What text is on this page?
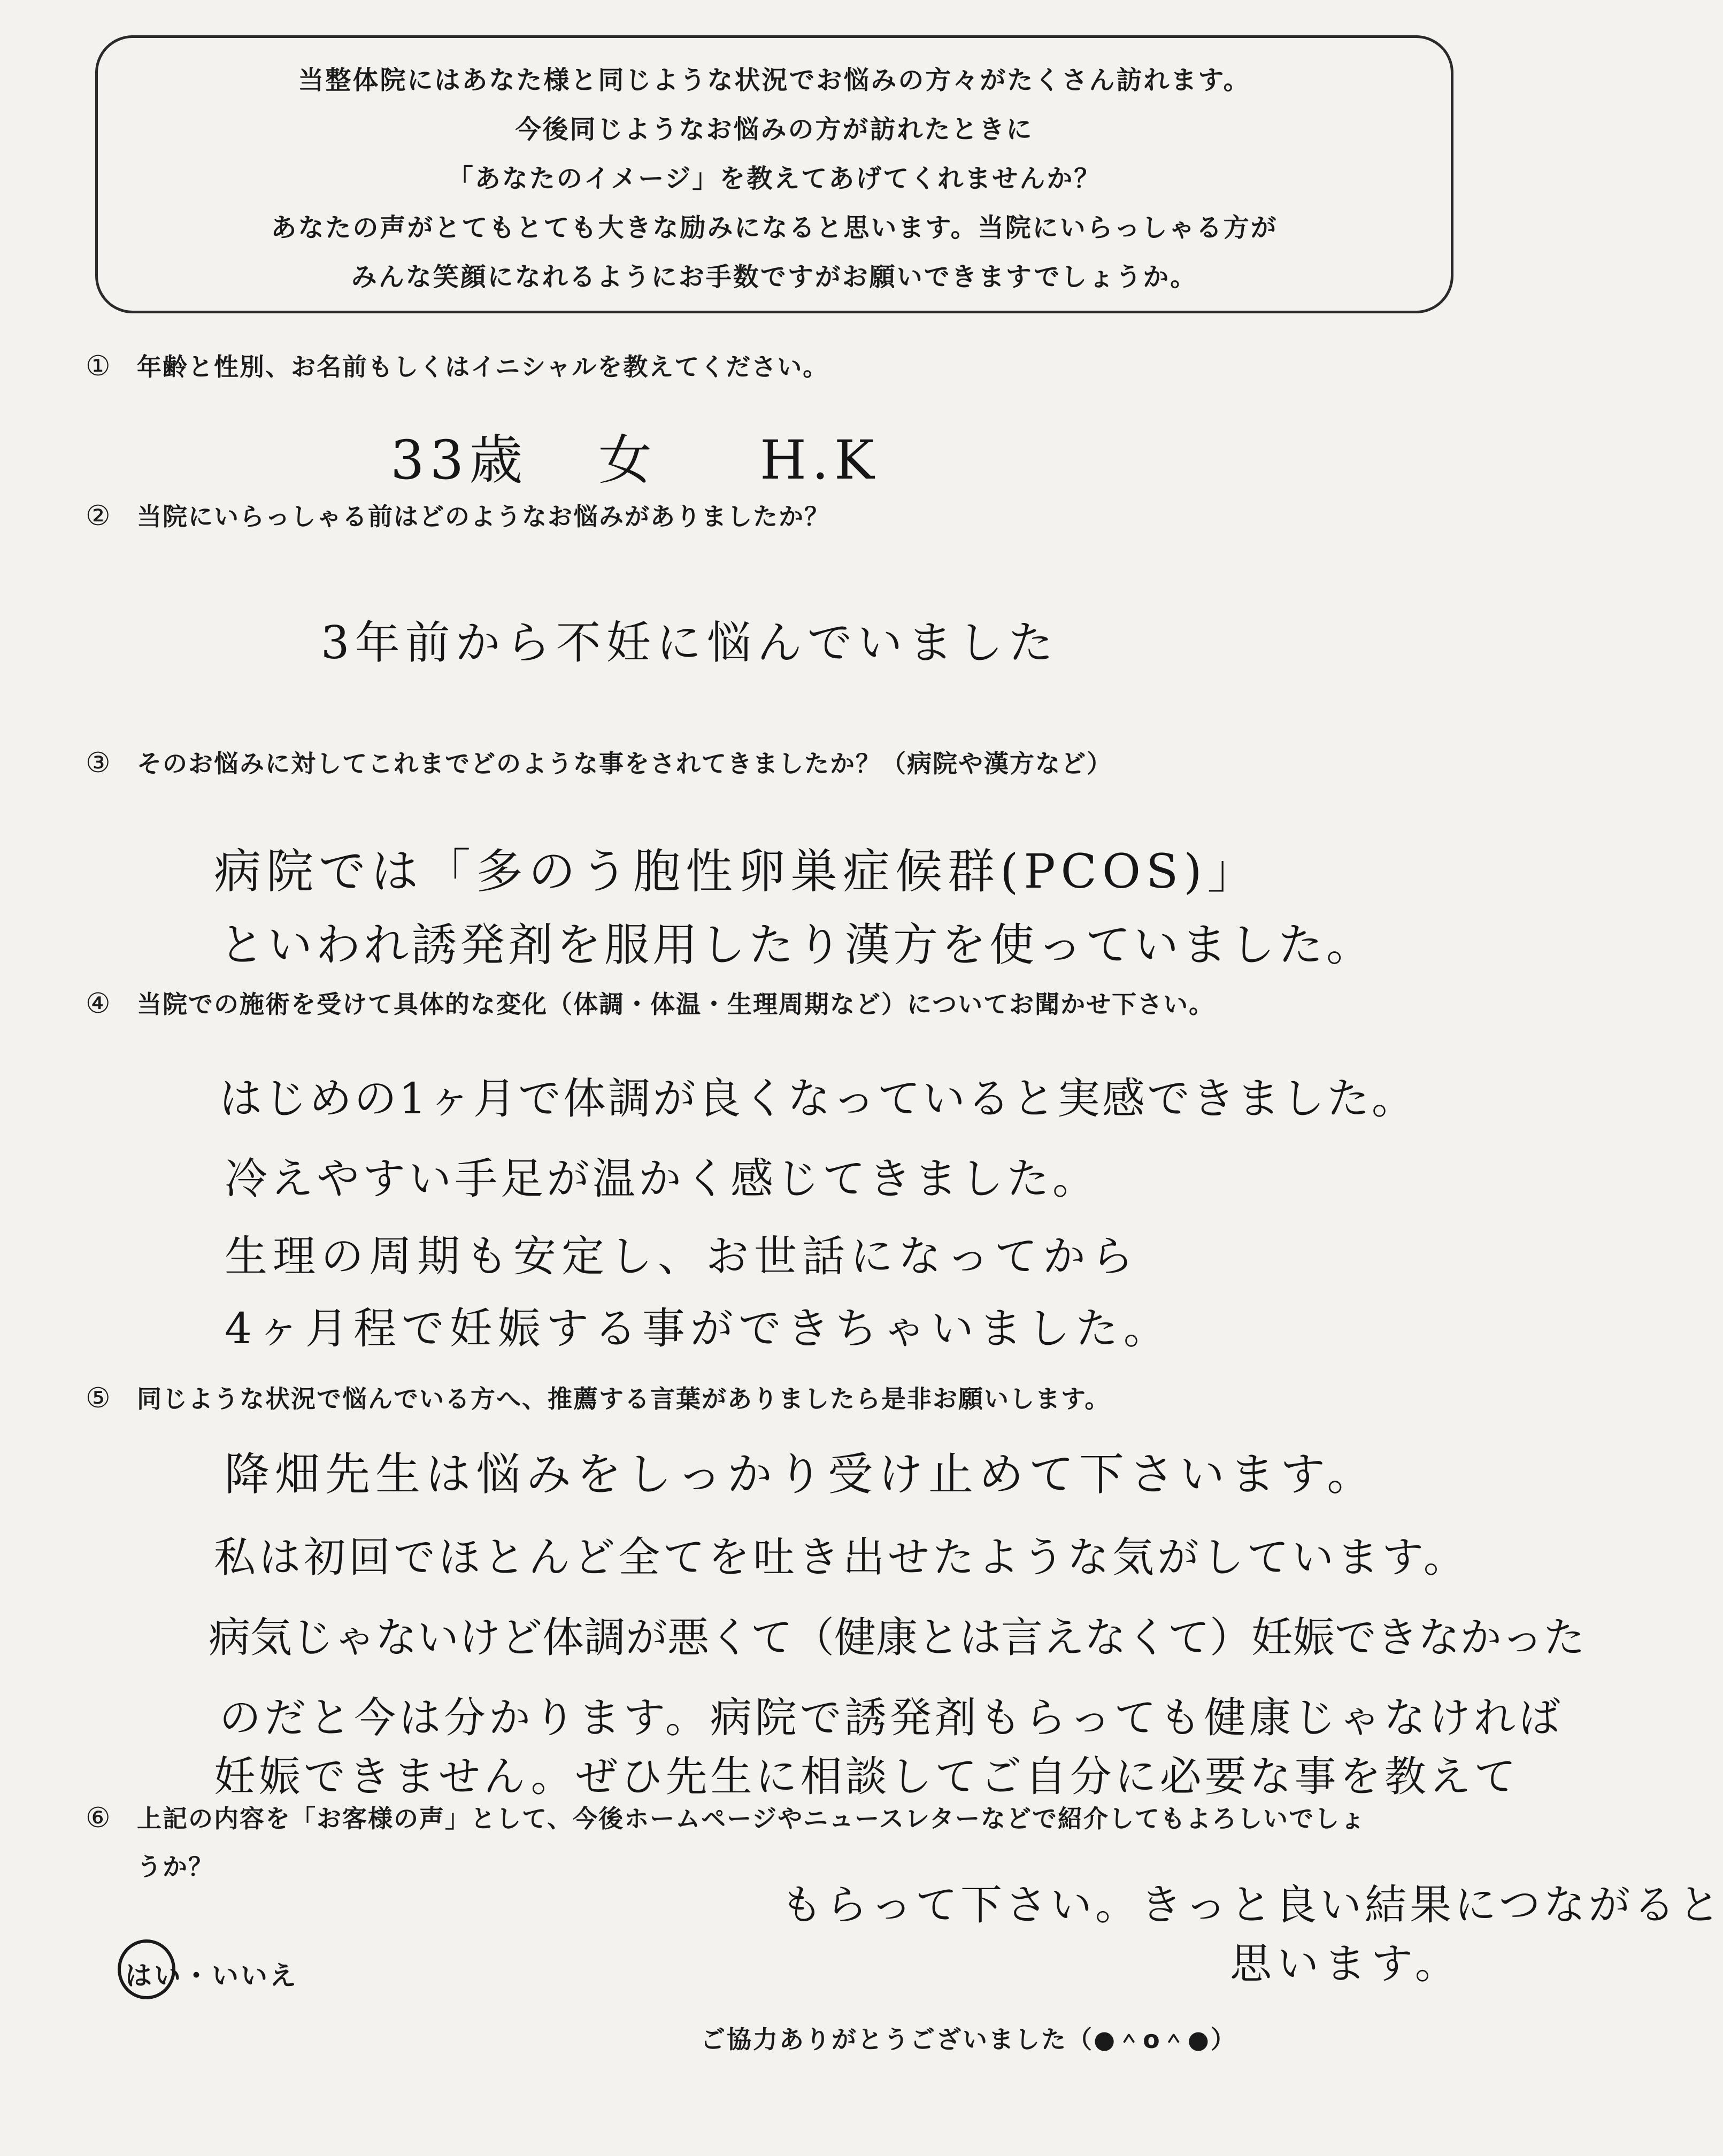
当整体院にはあなた様と同じような状況でお悩みの方々がたくさん訪れます。
今後同じようなお悩みの方が訪れたときに
「あなたのイメージ」を教えてあげてくれませんか？
あなたの声がとてもとても大きな励みになると思います。当院にいらっしゃる方が
みんな笑顔になれるようにお手数ですがお願いできますでしょうか。
① 年齢と性別、お名前もしくはイニシャルを教えてください。
33歳 女 H.K
② 当院にいらっしゃる前はどのようなお悩みがありましたか？
3年前から不妊に悩んでいました
③ そのお悩みに対してこれまでどのような事をされてきましたか？（病院や漢方など）
病院では「多のう胞性卵巣症候群(PCOS)」
といわれ誘発剤を服用したり漢方を使っていました。
④ 当院での施術を受けて具体的な変化（体調・体温・生理周期など）についてお聞かせ下さい。
はじめの1ヶ月で体調が良くなっていると実感できました。
冷えやすい手足が温かく感じてきました。
生理の周期も安定し、お世話になってから
4ヶ月程で妊娠する事ができちゃいました。
⑤ 同じような状況で悩んでいる方へ、推薦する言葉がありましたら是非お願いします。
降畑先生は悩みをしっかり受け止めて下さいます。
私は初回でほとんど全てを吐き出せたような気がしています。
病気じゃないけど体調が悪くて（健康とは言えなくて）妊娠できなかった
のだと今は分かります。病院で誘発剤もらっても健康じゃなければ
妊娠できません。ぜひ先生に相談してご自分に必要な事を教えて
⑥ 上記の内容を「お客様の声」として、今後ホームページやニュースレターなどで紹介してもよろしいでしょ
うか？
もらって下さい。きっと良い結果につながると
思います。
はい・いいえ
ご協力ありがとうございました（●＾o＾●）
